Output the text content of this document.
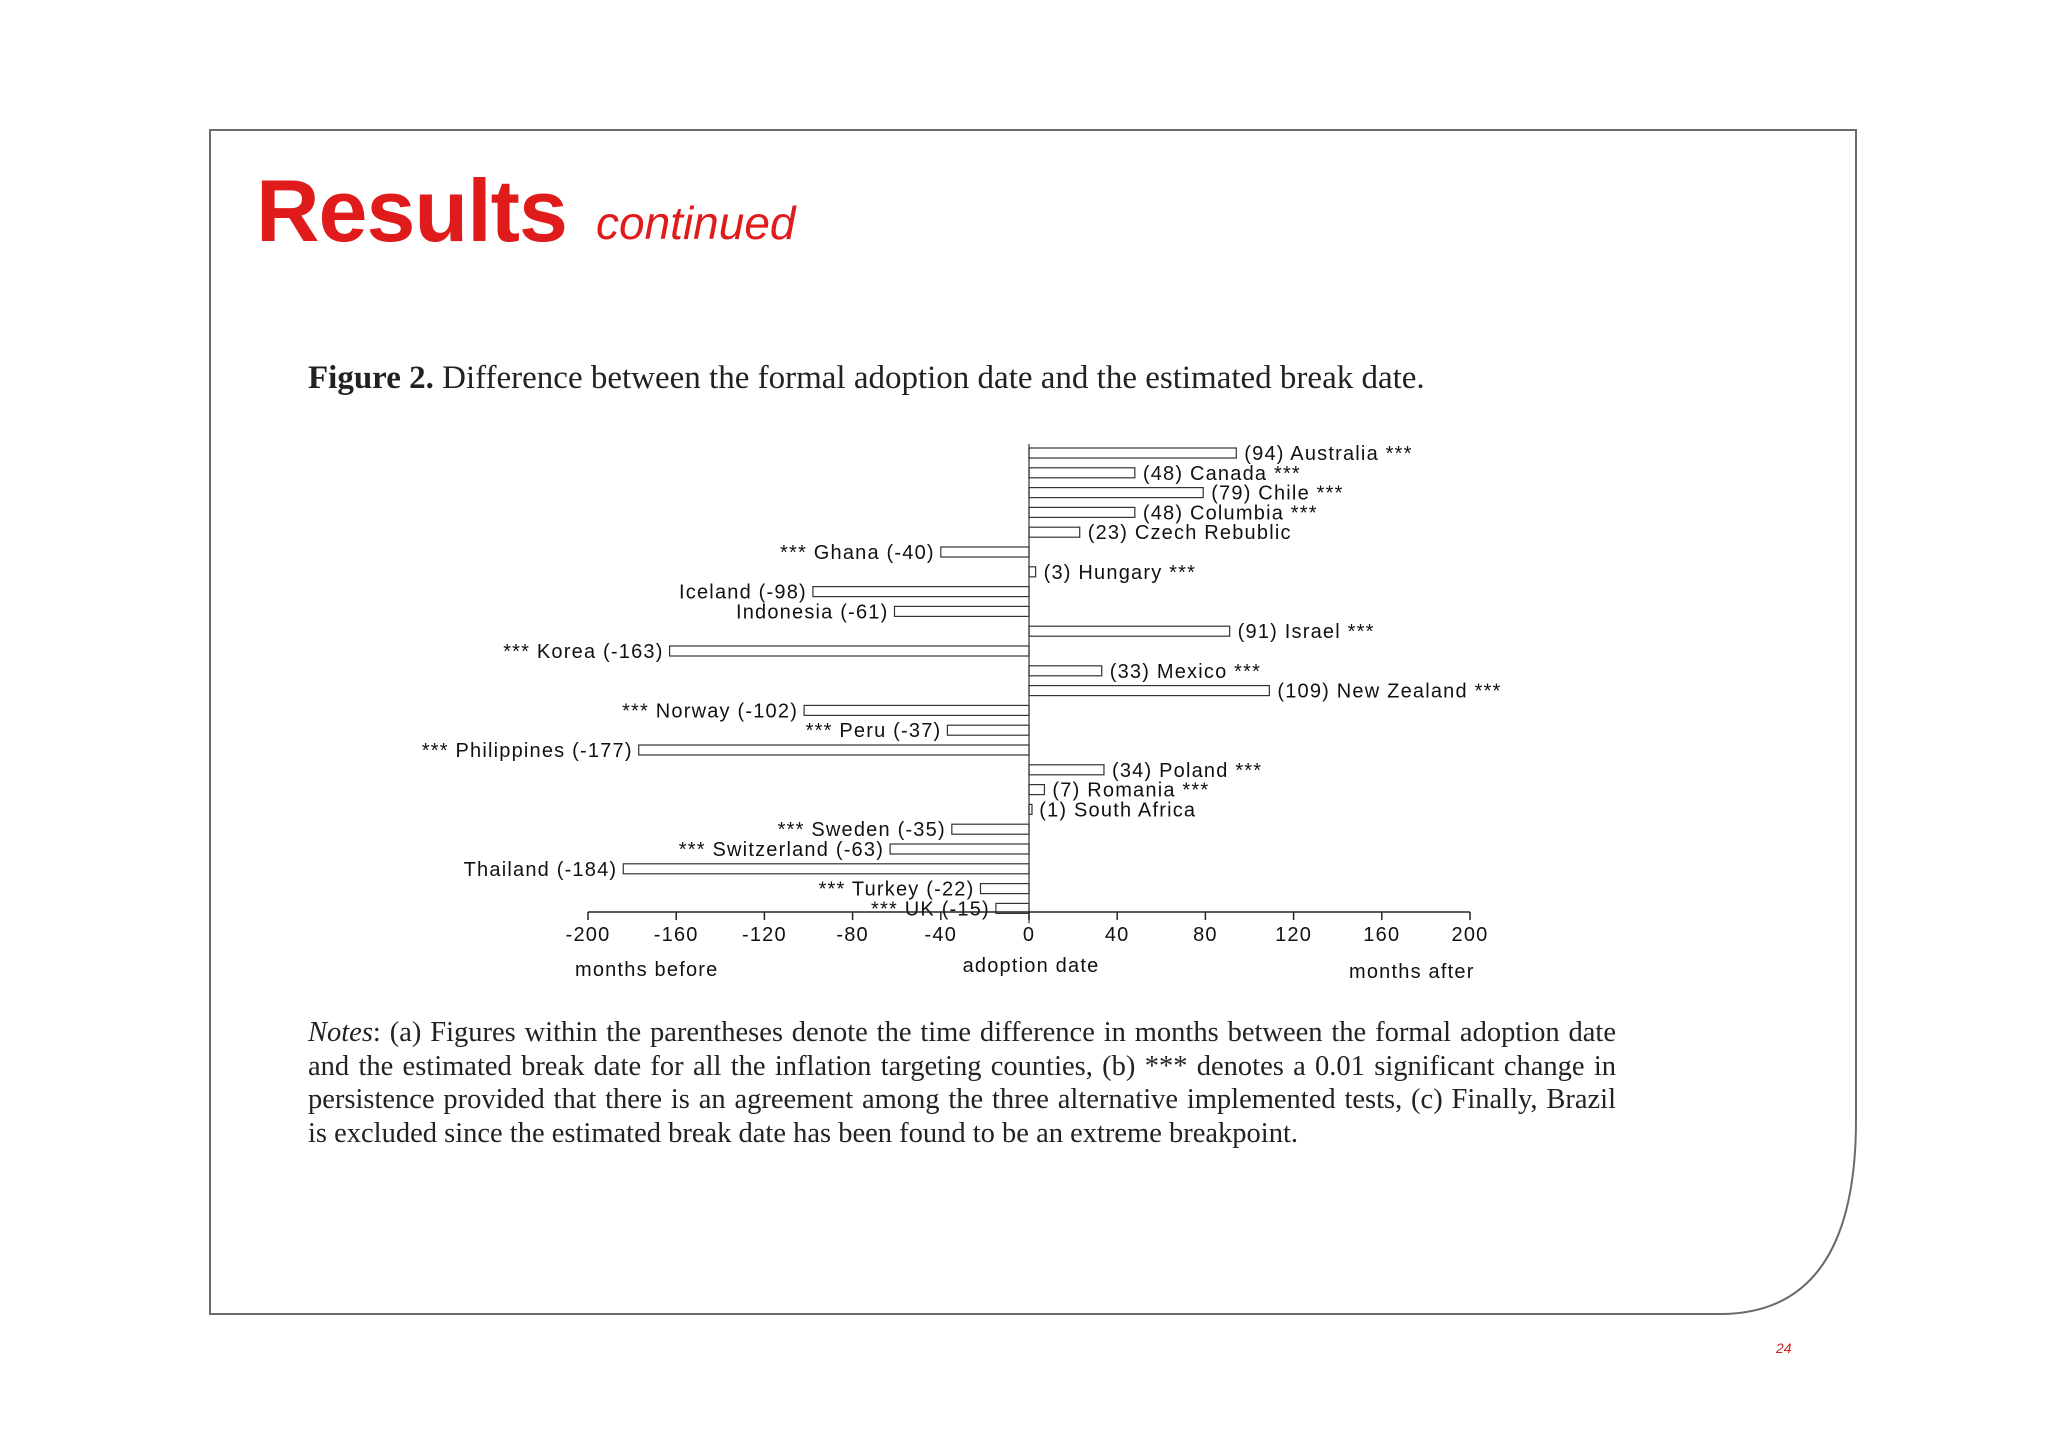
Results continued
Figure 2. Difference between the formal adoption date and the estimated break date.
(94) Australia ***
(48) Canada ***
(79) Chile ***
(48) Columbia ***
(23) Czech Rebublic
*** Ghana (-40)
(3) Hungary ***
Iceland (-98)
Indonesia (-61)
(91) Israel ***
*** Korea (-163)
(33) Mexico ***
(109) New Zealand ***
*** Norway (-102)
*** Peru (-37)
*** Philippines (-177)
(34) Poland ***
(7) Romania ***
(1) South Africa
*** Sweden (-35)
*** Switzerland (-63)
Thailand (-184)
*** Turkey (-22)
*** UK (-15)
-200 -160 -120 -80	-40	0	40	80	120	160	200
months before	adoption date	months after
Notes: (a) Figures within the parentheses denote the time difference in months between the formal adoption date and the estimated break date for all the inflation targeting counties, (b) *** denotes a 0.01 significant change in persistence provided that there is an agreement among the three alternative implemented tests, (c) Finally, Brazil is excluded since the estimated break date has been found to be an extreme breakpoint.
24
